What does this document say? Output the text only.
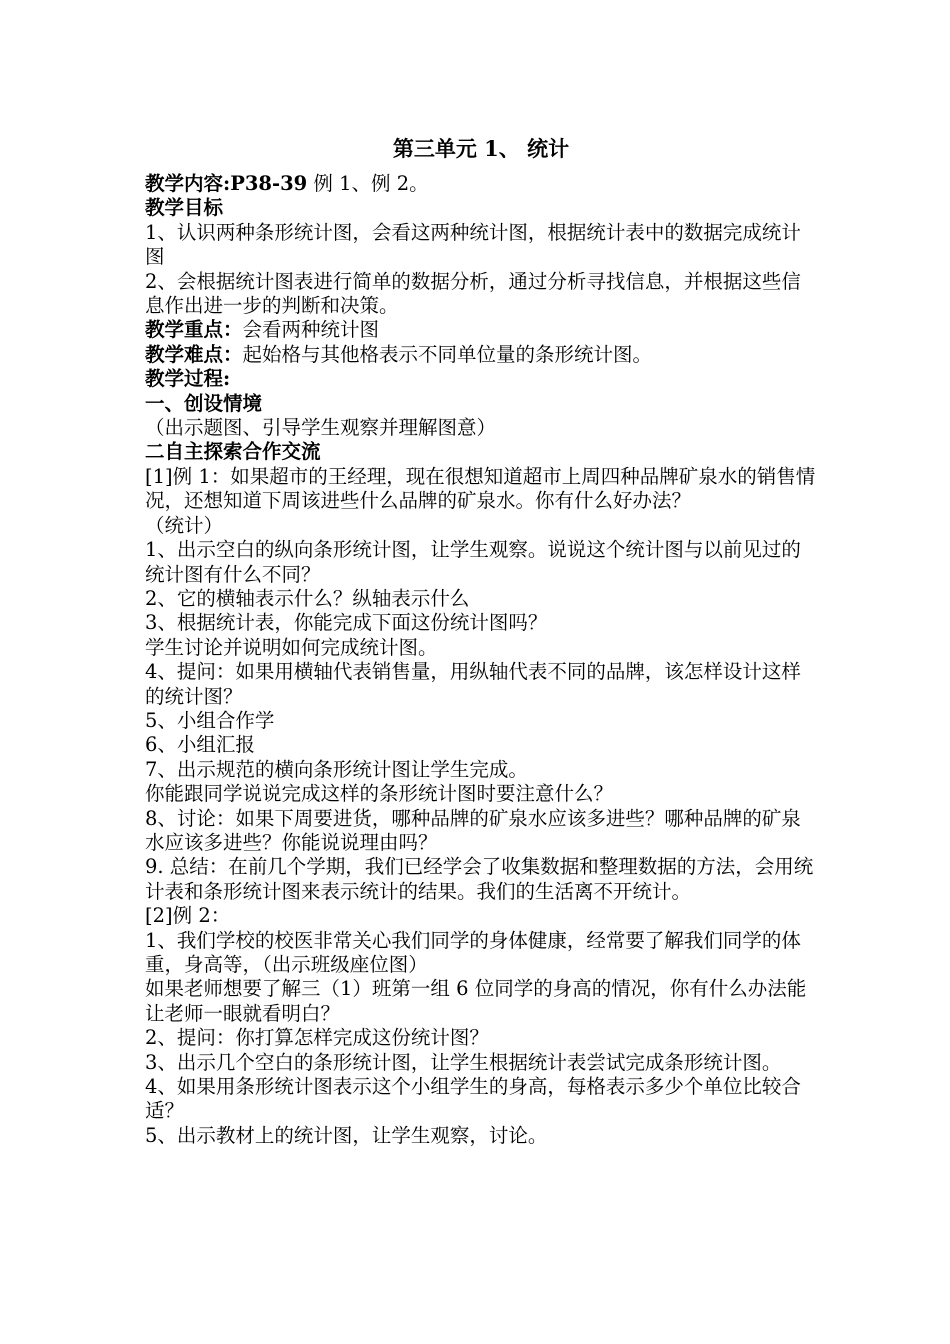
第三单元 1、 统计

教学内容:P38-39 例 1、例 2。

教学目标

1、认识两种条形统计图，会看这两种统计图，根据统计表中的数据完成统计图

2、会根据统计图表进行简单的数据分析，通过分析寻找信息，并根据这些信息作出进一步的判断和决策。

教学重点：会看两种统计图

教学难点：起始格与其他格表示不同单位量的条形统计图。

教学过程:

一、创设情境

（出示题图、引导学生观察并理解图意）

二自主探索合作交流

[1]例 1：如果超市的王经理，现在很想知道超市上周四种品牌矿泉水的销售情况，还想知道下周该进些什么品牌的矿泉水。你有什么好办法？

（统计）

1、出示空白的纵向条形统计图，让学生观察。说说这个统计图与以前见过的统计图有什么不同？

2、它的横轴表示什么？纵轴表示什么

3、根据统计表，你能完成下面这份统计图吗？

学生讨论并说明如何完成统计图。

4、提问：如果用横轴代表销售量，用纵轴代表不同的品牌，该怎样设计这样的统计图？

5、小组合作学

6、小组汇报

7、出示规范的横向条形统计图让学生完成。

你能跟同学说说完成这样的条形统计图时要注意什么？

8、讨论：如果下周要进货，哪种品牌的矿泉水应该多进些？哪种品牌的矿泉水应该多进些？你能说说理由吗？

9. 总结：在前几个学期，我们已经学会了收集数据和整理数据的方法，会用统计表和条形统计图来表示统计的结果。我们的生活离不开统计。

[2]例 2：

1、我们学校的校医非常关心我们同学的身体健康，经常要了解我们同学的体重，身高等，（出示班级座位图）

如果老师想要了解三（1）班第一组 6 位同学的身高的情况，你有什么办法能让老师一眼就看明白？

2、提问：你打算怎样完成这份统计图？

3、出示几个空白的条形统计图，让学生根据统计表尝试完成条形统计图。

4、如果用条形统计图表示这个小组学生的身高，每格表示多少个单位比较合适？

5、出示教材上的统计图，让学生观察，讨论。
